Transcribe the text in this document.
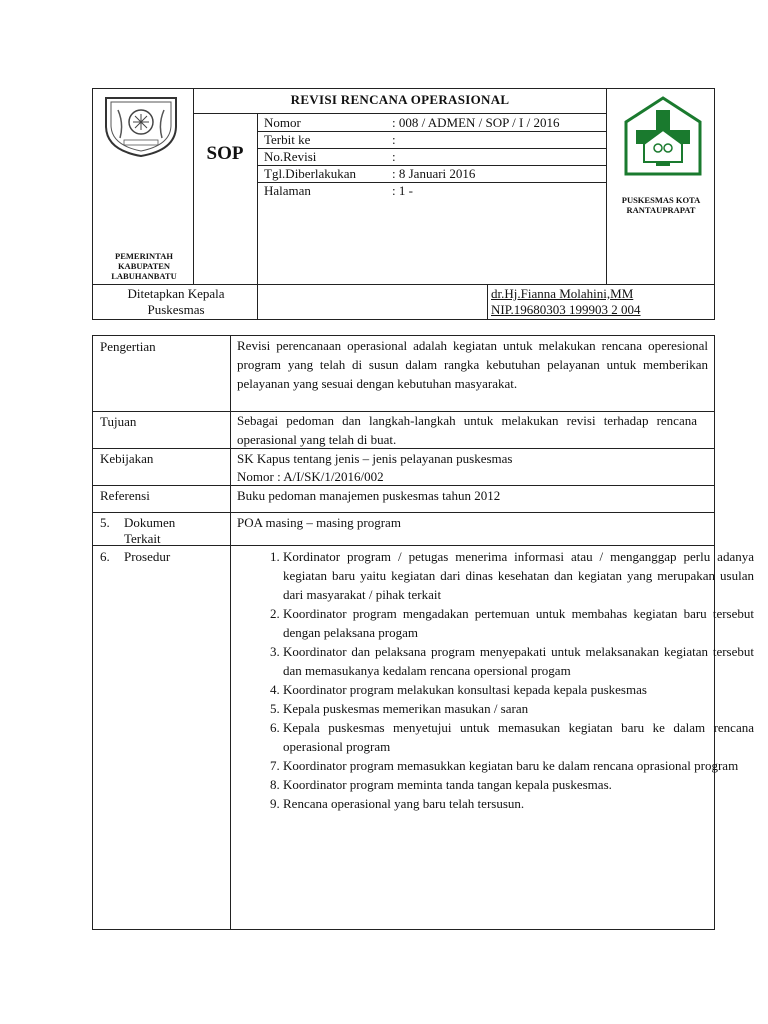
PEMERINTAH
KABUPATEN
LABUHANBATU
REVISI RENCANA OPERASIONAL
SOP
Nomor	: 008 / ADMEN / SOP / I / 2016
Terbit ke	:
No.Revisi	:
Tgl.Diberlakukan	: 8 Januari 2016
Halaman	: 1 -
PUSKESMAS KOTA
RANTAUPRAPAT
Ditetapkan Kepala
Puskesmas
dr.Hj.Fianna Molahini,MM
NIP.19680303 199903 2 004
Pengertian	Revisi perencanaan operasional adalah kegiatan untuk melakukan rencana operesional program yang telah di susun dalam rangka kebutuhan pelayanan untuk memberikan pelayanan yang sesuai dengan kebutuhan masyarakat.
Tujuan	Sebagai pedoman dan langkah-langkah untuk melakukan revisi terhadap rencana operasional yang telah di buat.
Kebijakan	SK Kapus tentang jenis – jenis pelayanan puskesmas
Nomor : A/I/SK/1/2016/002
Referensi	Buku pedoman manajemen puskesmas tahun 2012
5. Dokumen
Terkait
POA masing – masing program
6. Prosedur
1.	Kordinator program / petugas menerima informasi atau / menganggap perlu adanya kegiatan baru yaitu kegiatan dari dinas kesehatan dan kegiatan yang merupakan usulan dari masyarakat / pihak terkait
2. Koordinator program mengadakan pertemuan untuk membahas kegiatan baru tersebut dengan pelaksana progam
3. Koordinator dan pelaksana program menyepakati untuk melaksanakan kegiatan tersebut dan memasukanya kedalam rencana opersional progam
4. Koordinator program melakukan konsultasi kepada kepala puskesmas
5. Kepala puskesmas memerikan masukan / saran
6. Kepala puskesmas menyetujui untuk memasukan kegiatan baru ke dalam rencana operasional program
7. Koordinator program memasukkan kegiatan baru ke dalam rencana oprasional program
8. Koordinator program meminta tanda tangan kepala puskesmas.
9. Rencana operasional yang baru telah tersusun.
